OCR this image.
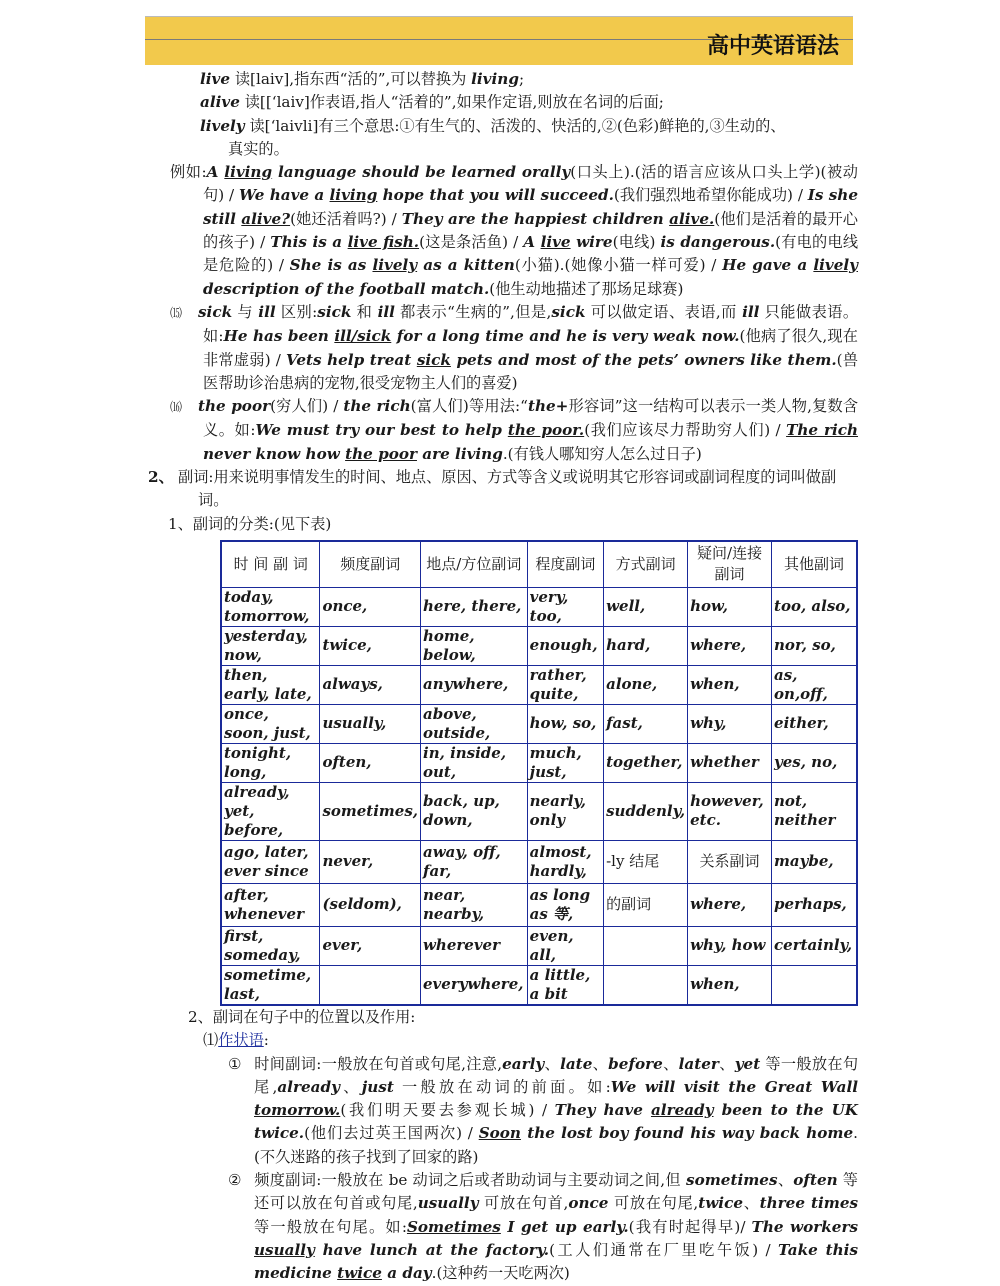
高中英语语法

live 读[laiv],指东西“活的”,可以替换为 living;

alive 读[[‘laiv]作表语,指人“活着的”,如果作定语,则放在名词的后面;

lively 读[‘laivli]有三个意思:①有生气的、活泼的、快活的,②(色彩)鲜艳的,③生动的、

真实的。

例如:A living language should be learned orally(口头上).(活的语言应该从口头上学)(被动句) / We have a living hope that you will succeed.(我们强烈地希望你能成功) / Is she still alive?(她还活着吗?) / They are the happiest children alive.(他们是活着的最开心的孩子) / This is a live fish.(这是条活鱼) / A live wire(电线) is dangerous.(有电的电线是危险的) / She is as lively as a kitten(小猫).(她像小猫一样可爱) / He gave a lively description of the football match.(他生动地描述了那场足球赛)

⒂ sick 与 ill 区别:sick 和 ill 都表示“生病的”,但是,sick 可以做定语、表语,而 ill 只能做表语。如:He has been ill/sick for a long time and he is very weak now.(他病了很久,现在非常虚弱) / Vets help treat sick pets and most of the pets’ owners like them.(兽医帮助诊治患病的宠物,很受宠物主人们的喜爱)

⒃ the poor(穷人们) / the rich(富人们)等用法:“the+形容词”这一结构可以表示一类人物,复数含义。如:We must try our best to help the poor.(我们应该尽力帮助穷人们) / The rich never know how the poor are living.(有钱人哪知穷人怎么过日子)

2、 副词:用来说明事情发生的时间、地点、原因、方式等含义或说明其它形容词或副词程度的词叫做副词。

1、副词的分类:(见下表)

时 间 副 词	频度副词	地点/方位副词	程度副词	方式副词	疑问/连接副词	其他副词
today, tomorrow,	once,	here, there,	very, too,	well,	how,	too, also,
yesterday, now,	twice,	home, below,	enough,	hard,	where,	nor, so,
then, early, late,	always,	anywhere,	rather, quite,	alone,	when,	as, on,off,
once, soon, just,	usually,	above, outside,	how, so,	fast,	why,	either,
tonight, long,	often,	in, inside, out,	much, just,	together,	whether	yes, no,
already, yet, before,	sometimes,	back, up, down,	nearly, only	suddenly,	however, etc.	not, neither
ago, later, ever since	never,	away, off, far,	almost, hardly,	-ly 结尾	关系副词	maybe,
after, whenever	(seldom),	near, nearby,	as long as 等,	的副词	where,	perhaps,
first, someday,	ever,	wherever	even, all,		why, how	certainly,
sometime, last,		everywhere,	a little, a bit		when,	

2、副词在句子中的位置以及作用:

⑴作状语:

① 时间副词:一般放在句首或句尾,注意,early、late、before、later、yet 等一般放在句尾,already、just 一般放在动词的前面。如:We will visit the Great Wall tomorrow.(我们明天要去参观长城) / They have already been to the UK twice.(他们去过英王国两次) / Soon the lost boy found his way back home.(不久迷路的孩子找到了回家的路)

② 频度副词:一般放在 be 动词之后或者助动词与主要动词之间,但 sometimes、often 等还可以放在句首或句尾,usually 可放在句首,once 可放在句尾,twice、three times 等一般放在句尾。如:Sometimes I get up early.(我有时起得早)/ The workers usually have lunch at the factory.(工人们通常在厂里吃午饭) / Take this medicine twice a day.(这种药一天吃两次)
